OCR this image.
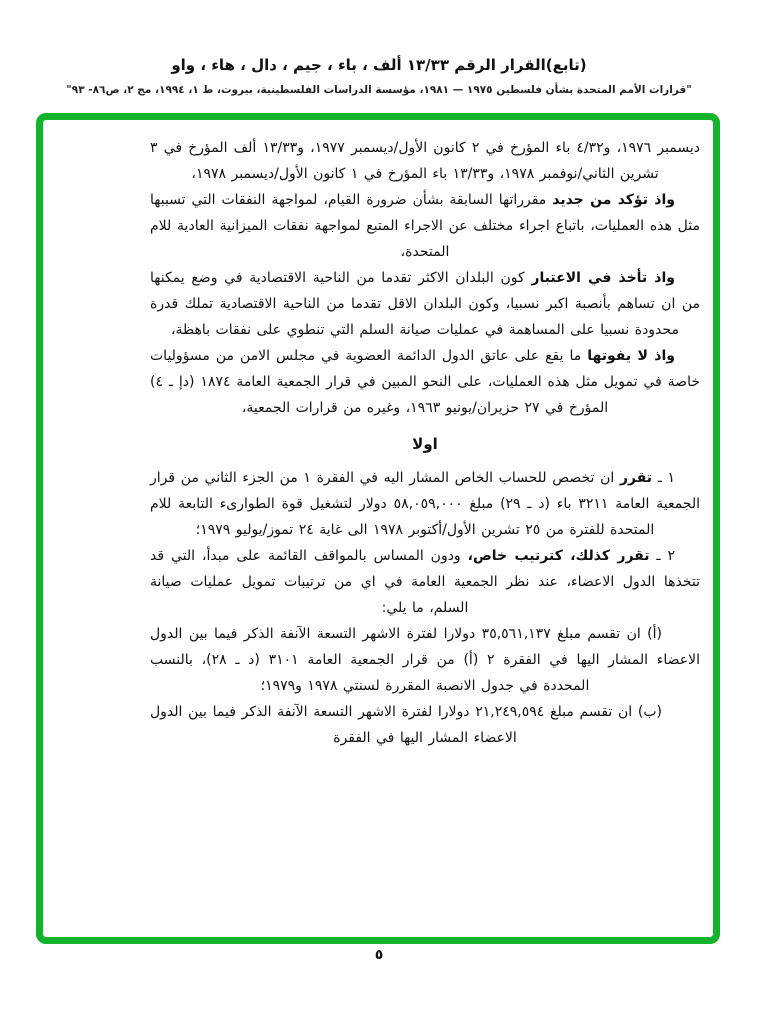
(تابع)القرار الرقم ١٣/٣٣ ألف ، باء ، جيم ، دال ، هاء ، واو
"قرارات الأمم المتحدة بشأن فلسطين ١٩٧٥ — ١٩٨١، مؤسسة الدراسات الفلسطينية، بيروت، ط ١، ١٩٩٤، مج ٢، ص٨٦- ٩٣"

ديسمبر ١٩٧٦، و٤/٣٢ باء المؤرخ في ٢ كانون الأول/ديسمبر ١٩٧٧، و١٣/٣٣ ألف المؤرخ في ٣ تشرين الثاني/نوفمبر ١٩٧٨، و١٣/٣٣ باء المؤرخ في ١ كانون الأول/ديسمبر ١٩٧٨،

واذ تؤكد من جديد مقرراتها السابقة بشأن ضرورة القيام، لمواجهة النفقات التي تسببها مثل هذه العمليات، باتباع اجراء مختلف عن الاجراء المتبع لمواجهة نفقات الميزانية العادية للام المتحدة،

واذ تأخذ في الاعتبار كون البلدان الاكثر تقدما من الناحية الاقتصادية في وضع يمكنها من ان تساهم بأنصبة اكبر نسبيا، وكون البلدان الاقل تقدما من الناحية الاقتصادية تملك قدرة محدودة نسبيا على المساهمة في عمليات صيانة السلم التي تنطوي على نفقات باهظة،

واذ لا يفوتها ما يقع على عاتق الدول الدائمة العضوية في مجلس الامن من مسؤوليات خاصة في تمويل مثل هذه العمليات، على النحو المبين في قرار الجمعية العامة ١٨٧٤ (دإ ـ ٤) المؤرخ في ٢٧ حزيران/يونيو ١٩٦٣، وغيره من قرارات الجمعية،

اولا

١ ـ تقرر ان تخصص للحساب الخاص المشار اليه في الفقرة ١ من الجزء الثاني من قرار الجمعية العامة ٣٢١١ باء (د ـ ٢٩) مبلغ ٥٨,٠٥٩,٠٠٠ دولار لتشغيل قوة الطوارىء التابعة للام المتحدة للفترة من ٢٥ تشرين الأول/أكتوبر ١٩٧٨ الى غاية ٢٤ تموز/يوليو ١٩٧٩؛

٢ ـ تقرر كذلك، كترتيب خاص، ودون المساس بالمواقف القائمة على مبدأ، التي قد تتخذها الدول الاعضاء، عند نظر الجمعية العامة في اي من ترتيبات تمويل عمليات صيانة السلم، ما يلي:

(أ) ان تقسم مبلغ ٣٥,٥٦١,١٣٧ دولارا لفترة الاشهر التسعة الآنفة الذكر فيما بين الدول الاعضاء المشار اليها في الفقرة ٢ (أ) من قرار الجمعية العامة ٣١٠١ (د ـ ٢٨)، بالنسب المحددة في جدول الانصبة المقررة لسنتي ١٩٧٨ و١٩٧٩؛

(ب) ان تقسم مبلغ ٢١,٢٤٩,٥٩٤ دولارا لفترة الاشهر التسعة الآنفة الذكر فيما بين الدول الاعضاء المشار اليها في الفقرة

٥
